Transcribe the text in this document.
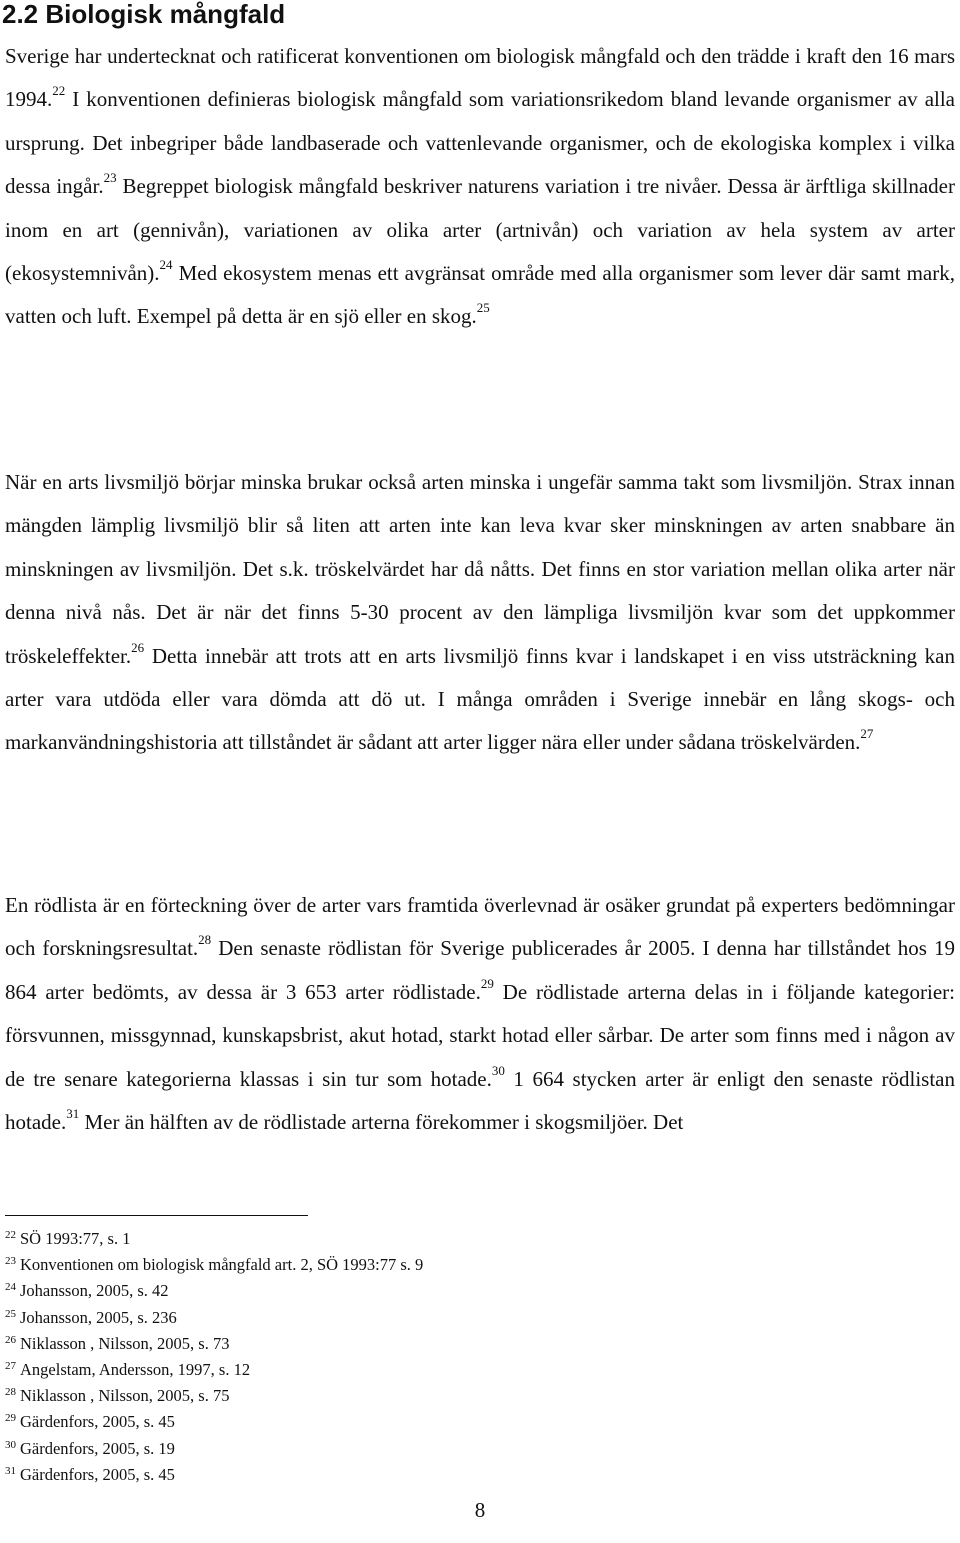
2.2 Biologisk mångfald

Sverige har undertecknat och ratificerat konventionen om biologisk mångfald och den trädde i kraft den 16 mars 1994.22 I konventionen definieras biologisk mångfald som variationsrikedom bland levande organismer av alla ursprung. Det inbegriper både landbaserade och vattenlevande organismer, och de ekologiska komplex i vilka dessa ingår.$^{23}$ Begreppet biologisk mångfald beskriver naturens variation i tre nivåer. Dessa är ärftliga skillnader inom en art (gennivån), variationen av olika arter (artnivån) och variation av hela system av arter (ekosystemnivån).$^{24}$ Med ekosystem menas ett avgränsat område med alla organismer som lever där samt mark, vatten och luft. Exempel på detta är en sjö eller en skog.$^{25}$

När en arts livsmiljö börjar minska brukar också arten minska i ungefär samma takt som livsmiljön. Strax innan mängden lämplig livsmiljö blir så liten att arten inte kan leva kvar sker minskningen av arten snabbare än minskningen av livsmiljön. Det s.k. tröskelvärdet har då nåtts. Det finns en stor variation mellan olika arter när denna nivå nås. Det är när det finns 5-30 procent av den lämpliga livsmiljön kvar som det uppkommer tröskeleffekter.$^{26}$ Detta innebär att trots att en arts livsmiljö finns kvar i landskapet i en viss utsträckning kan arter vara utdöda eller vara dömda att dö ut. I många områden i Sverige innebär en lång skogs- och markanvändningshistoria att tillståndet är sådant att arter ligger nära eller under sådana tröskelvärden.$^{27}$

En rödlista är en förteckning över de arter vars framtida överlevnad är osäker grundat på experters bedömningar och forskningsresultat.$^{28}$ Den senaste rödlistan för Sverige publicerades år 2005. I denna har tillståndet hos 19 864 arter bedömts, av dessa är 3 653 arter rödlistade.$^{29}$ De rödlistade arterna delas in i följande kategorier: försvunnen, missgynnad, kunskapsbrist, akut hotad, starkt hotad eller sårbar. De arter som finns med i någon av de tre senare kategorierna klassas i sin tur som hotade.$^{30}$ 1 664 stycken arter är enligt den senaste rödlistan hotade.$^{31}$ Mer än hälften av de rödlistade arterna förekommer i skogsmiljöer. Det

$^{22}$ SÖ 1993:77, s. 1
$^{23}$ Konventionen om biologisk mångfald art. 2, SÖ 1993:77 s. 9
$^{24}$ Johansson, 2005, s. 42
$^{25}$ Johansson, 2005, s. 236
$^{26}$ Niklasson , Nilsson, 2005, s. 73
$^{27}$ Angelstam, Andersson, 1997, s. 12
$^{28}$ Niklasson , Nilsson, 2005, s. 75
$^{29}$ Gärdenfors, 2005, s. 45
$^{30}$ Gärdenfors, 2005, s. 19
$^{31}$ Gärdenfors, 2005, s. 45
8
